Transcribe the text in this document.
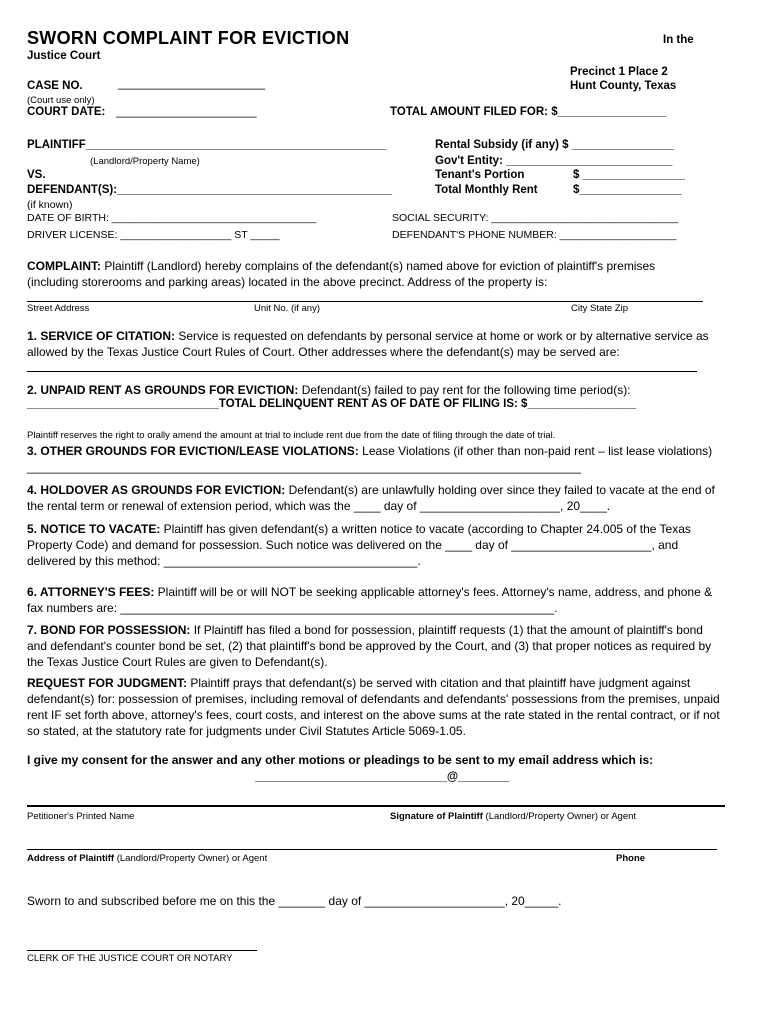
SWORN COMPLAINT FOR EVICTION	In the
Justice Court
Precinct 1 Place 2
Hunt County, Texas
CASE NO.	_______________________
(Court use only)
COURT DATE: ______________________	TOTAL AMOUNT FILED FOR: $_________________
PLAINTIFF_______________________________________________
(Landlord/Property Name)
VS.
DEFENDANT(S):___________________________________________
(if known)
DATE OF BIRTH: ___________________________________
DRIVER LICENSE: ___________________ ST _____
SOCIAL SECURITY: ________________________________
DEFENDANT'S PHONE NUMBER: ____________________
Rental Subsidy (if any) $ ________________
Gov't Entity: __________________________
Tenant's Portion	$ ________________
Total Monthly Rent	$________________
COMPLAINT: Plaintiff (Landlord) hereby complains of the defendant(s) named above for eviction of plaintiff's premises (including storerooms and parking areas) located in the above precinct. Address of the property is:
Street Address	Unit No. (if any)	City State Zip
1. SERVICE OF CITATION: Service is requested on defendants by personal service at home or work or by alternative service as allowed by the Texas Justice Court Rules of Court. Other addresses where the defendant(s) may be served are:
2. UNPAID RENT AS GROUNDS FOR EVICTION: Defendant(s) failed to pay rent for the following time period(s):
______________________________TOTAL DELINQUENT RENT AS OF DATE OF FILING IS: $_________________
Plaintiff reserves the right to orally amend the amount at trial to include rent due from the date of filing through the date of trial.
3. OTHER GROUNDS FOR EVICTION/LEASE VIOLATIONS: Lease Violations (if other than non-paid rent – list lease violations) ___________________________________________________________________________________
4. HOLDOVER AS GROUNDS FOR EVICTION: Defendant(s) are unlawfully holding over since they failed to vacate at the end of the rental term or renewal of extension period, which was the ____ day of _____________________, 20____.
5. NOTICE TO VACATE: Plaintiff has given defendant(s) a written notice to vacate (according to Chapter 24.005 of the Texas Property Code) and demand for possession. Such notice was delivered on the ____ day of _____________________, and delivered by this method: ______________________________________.
6. ATTORNEY'S FEES: Plaintiff will be or will NOT be seeking applicable attorney's fees. Attorney's name, address, and phone & fax numbers are: _________________________________________________________________.
7. BOND FOR POSSESSION: If Plaintiff has filed a bond for possession, plaintiff requests (1) that the amount of plaintiff's bond and defendant's counter bond be set, (2) that plaintiff's bond be approved by the Court, and (3) that proper notices as required by the Texas Justice Court Rules are given to Defendant(s).
REQUEST FOR JUDGMENT: Plaintiff prays that defendant(s) be served with citation and that plaintiff have judgment against defendant(s) for: possession of premises, including removal of defendants and defendants' possessions from the premises, unpaid rent IF set forth above, attorney's fees, court costs, and interest on the above sums at the rate stated in the rental contract, or if not so stated, at the statutory rate for judgments under Civil Statutes Article 5069-1.05.
I give my consent for the answer and any other motions or pleadings to be sent to my email address which is:
______________________________@________
Petitioner's Printed Name	Signature of Plaintiff (Landlord/Property Owner) or Agent
Address of Plaintiff (Landlord/Property Owner) or Agent	Phone
Sworn to and subscribed before me on this the _______ day of _____________________, 20_____.
CLERK OF THE JUSTICE COURT OR NOTARY
